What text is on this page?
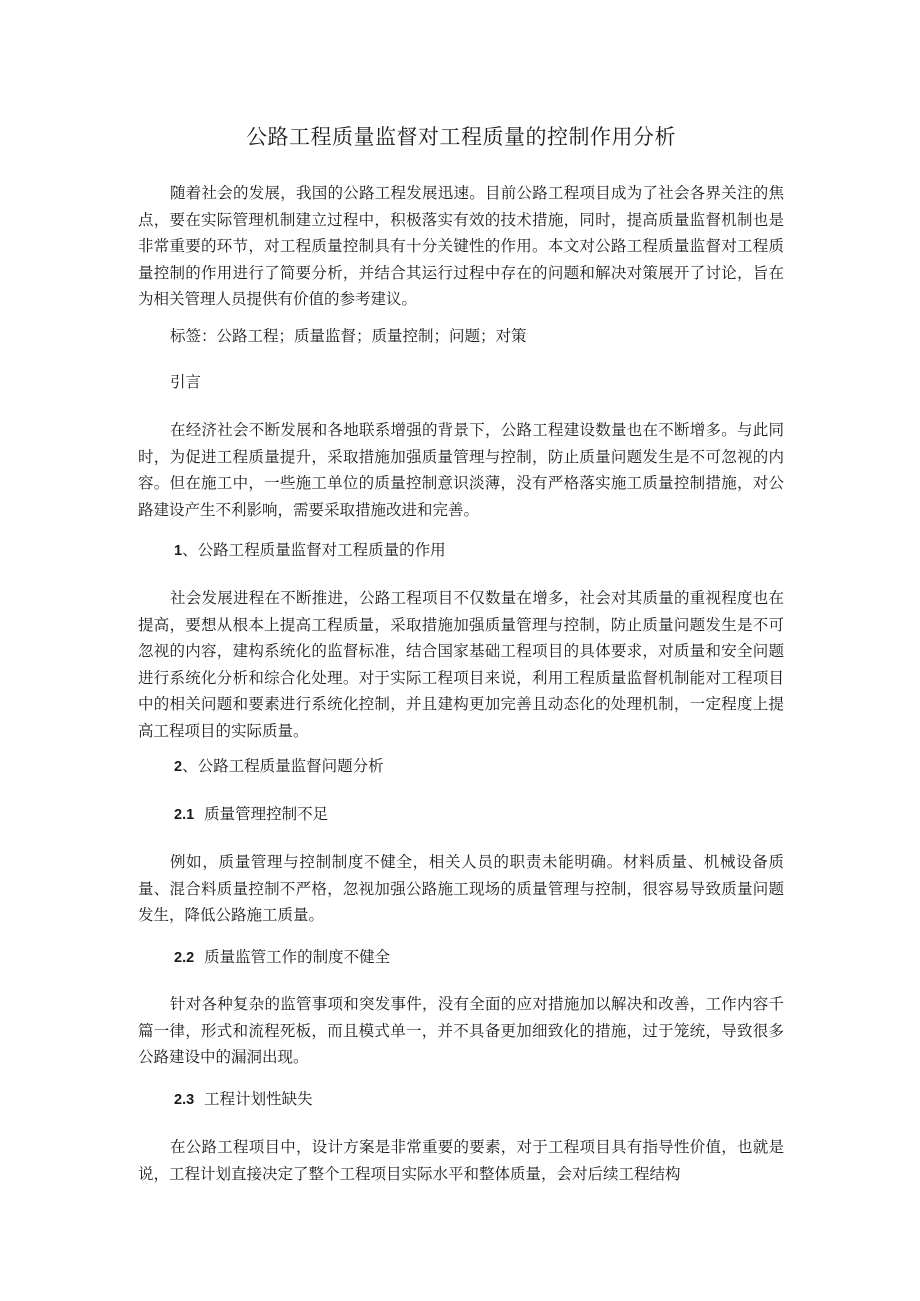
公路工程质量监督对工程质量的控制作用分析

随着社会的发展，我国的公路工程发展迅速。目前公路工程项目成为了社会各界关注的焦点，要在实际管理机制建立过程中，积极落实有效的技术措施，同时，提高质量监督机制也是非常重要的环节，对工程质量控制具有十分关键性的作用。本文对公路工程质量监督对工程质量控制的作用进行了简要分析，并结合其运行过程中存在的问题和解决对策展开了讨论，旨在为相关管理人员提供有价值的参考建议。

标签：公路工程；质量监督；质量控制；问题；对策

引言

在经济社会不断发展和各地联系增强的背景下，公路工程建设数量也在不断增多。与此同时，为促进工程质量提升，采取措施加强质量管理与控制，防止质量问题发生是不可忽视的内容。但在施工中，一些施工单位的质量控制意识淡薄，没有严格落实施工质量控制措施，对公路建设产生不利影响，需要采取措施改进和完善。

1、公路工程质量监督对工程质量的作用

社会发展进程在不断推进，公路工程项目不仅数量在增多，社会对其质量的重视程度也在提高，要想从根本上提高工程质量，采取措施加强质量管理与控制，防止质量问题发生是不可忽视的内容，建构系统化的监督标准，结合国家基础工程项目的具体要求，对质量和安全问题进行系统化分析和综合化处理。对于实际工程项目来说，利用工程质量监督机制能对工程项目中的相关问题和要素进行系统化控制，并且建构更加完善且动态化的处理机制，一定程度上提高工程项目的实际质量。

2、公路工程质量监督问题分析

2.1 质量管理控制不足

例如，质量管理与控制制度不健全，相关人员的职责未能明确。材料质量、机械设备质量、混合料质量控制不严格，忽视加强公路施工现场的质量管理与控制，很容易导致质量问题发生，降低公路施工质量。

2.2 质量监管工作的制度不健全

针对各种复杂的监管事项和突发事件，没有全面的应对措施加以解决和改善，工作内容千篇一律，形式和流程死板，而且模式单一，并不具备更加细致化的措施，过于笼统，导致很多公路建设中的漏洞出现。

2.3 工程计划性缺失

在公路工程项目中，设计方案是非常重要的要素，对于工程项目具有指导性价值，也就是说，工程计划直接决定了整个工程项目实际水平和整体质量，会对后续工程结构
